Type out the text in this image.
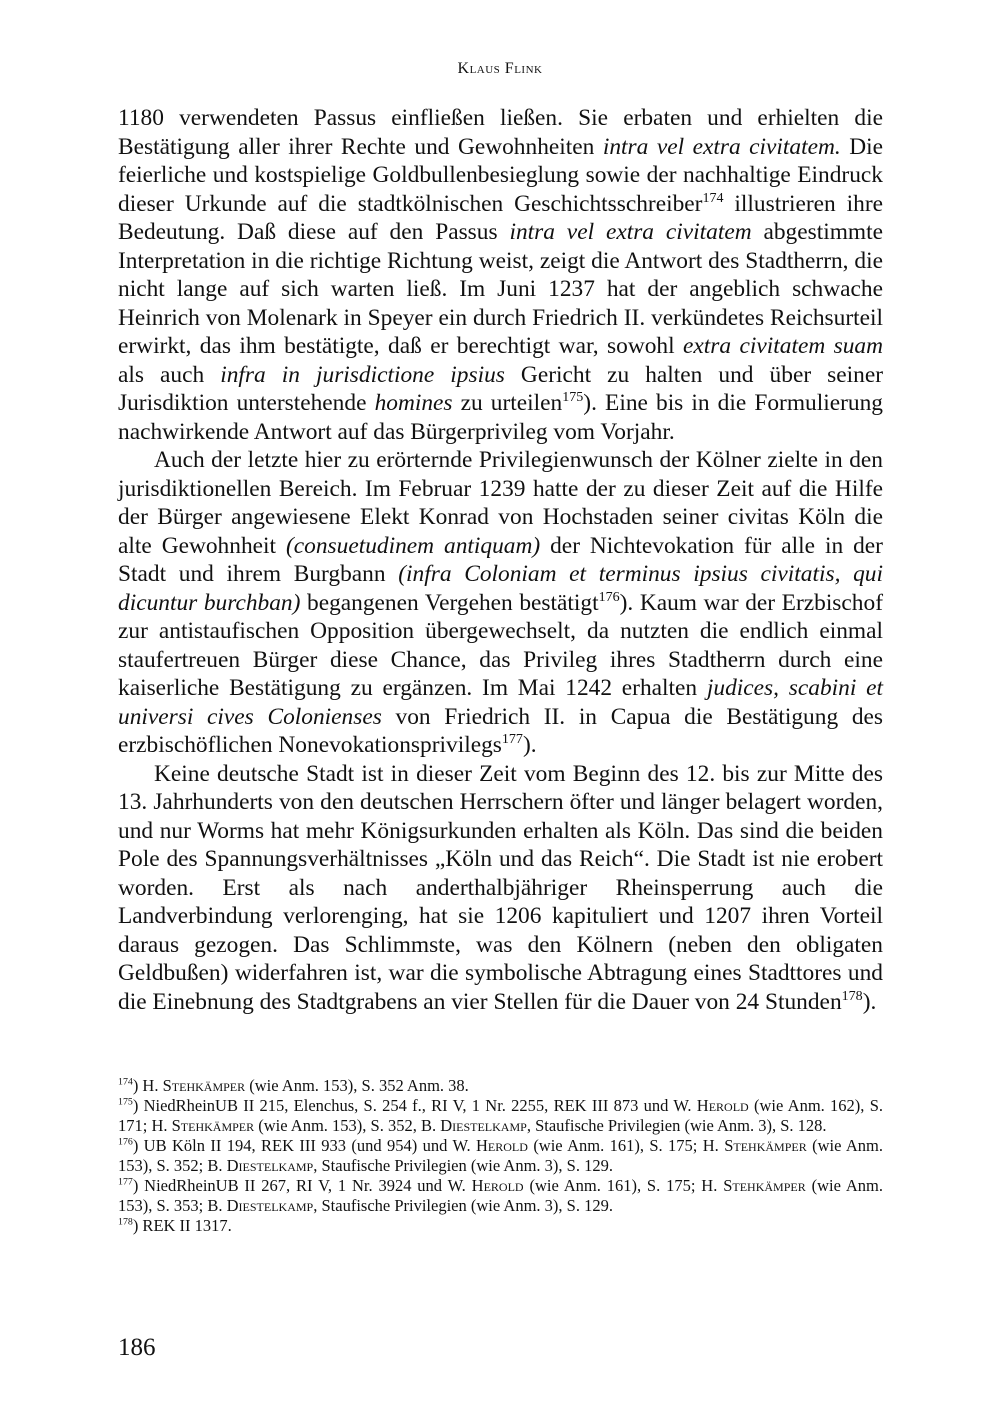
Klaus Flink

1180 verwendeten Passus einfließen ließen. Sie erbaten und erhielten die Bestätigung aller ihrer Rechte und Gewohnheiten intra vel extra civitatem. Die feierliche und kostspielige Goldbullenbesieglung sowie der nachhaltige Eindruck dieser Urkunde auf die stadtkölnischen Geschichtsschreiber$^{174}$ illustrieren ihre Bedeutung. Daß diese auf den Passus intra vel extra civitatem abgestimmte Interpretation in die richtige Richtung weist, zeigt die Antwort des Stadtherrn, die nicht lange auf sich warten ließ. Im Juni 1237 hat der angeblich schwache Heinrich von Molenark in Speyer ein durch Friedrich II. verkündetes Reichsurteil erwirkt, das ihm bestätigte, daß er berechtigt war, sowohl extra civitatem suam als auch infra in jurisdictione ipsius Gericht zu halten und über seiner Jurisdiktion unterstehende homines zu urteilen$^{175}$). Eine bis in die Formulierung nachwirkende Antwort auf das Bürgerprivileg vom Vorjahr.

Auch der letzte hier zu erörternde Privilegienwunsch der Kölner zielte in den jurisdiktionellen Bereich. Im Februar 1239 hatte der zu dieser Zeit auf die Hilfe der Bürger angewiesene Elekt Konrad von Hochstaden seiner civitas Köln die alte Gewohnheit (consuetudinem antiquam) der Nichtevokation für alle in der Stadt und ihrem Burgbann (infra Coloniam et terminus ipsius civitatis, qui dicuntur burchban) begangenen Vergehen bestätigt$^{176}$). Kaum war der Erzbischof zur antistaufischen Opposition übergewechselt, da nutzten die endlich einmal staufertreuen Bürger diese Chance, das Privileg ihres Stadtherrn durch eine kaiserliche Bestätigung zu ergänzen. Im Mai 1242 erhalten judices, scabini et universi cives Colonienses von Friedrich II. in Capua die Bestätigung des erzbischöflichen Nonevokationsprivilegs$^{177}$).

Keine deutsche Stadt ist in dieser Zeit vom Beginn des 12. bis zur Mitte des 13. Jahrhunderts von den deutschen Herrschern öfter und länger belagert worden, und nur Worms hat mehr Königsurkunden erhalten als Köln. Das sind die beiden Pole des Spannungsverhältnisses „Köln und das Reich“. Die Stadt ist nie erobert worden. Erst als nach anderthalbjähriger Rheinsperrung auch die Landverbindung verlorenging, hat sie 1206 kapituliert und 1207 ihren Vorteil daraus gezogen. Das Schlimmste, was den Kölnern (neben den obligaten Geldbußen) widerfahren ist, war die symbolische Abtragung eines Stadttores und die Einebnung des Stadtgrabens an vier Stellen für die Dauer von 24 Stunden$^{178}$).

$^{174}$) H. Stehkämper (wie Anm. 153), S. 352 Anm. 38.

$^{175}$) NiedRheinUB II 215, Elenchus, S. 254 f., RI V, 1 Nr. 2255, REK III 873 und W. Herold (wie Anm. 162), S. 171; H. Stehkämper (wie Anm. 153), S. 352, B. Diestelkamp, Staufische Privilegien (wie Anm. 3), S. 128.

$^{176}$) UB Köln II 194, REK III 933 (und 954) und W. Herold (wie Anm. 161), S. 175; H. Stehkämper (wie Anm. 153), S. 352; B. Diestelkamp, Staufische Privilegien (wie Anm. 3), S. 129.

$^{177}$) NiedRheinUB II 267, RI V, 1 Nr. 3924 und W. Herold (wie Anm. 161), S. 175; H. Stehkämper (wie Anm. 153), S. 353; B. Diestelkamp, Staufische Privilegien (wie Anm. 3), S. 129.

$^{178}$) REK II 1317.

186
